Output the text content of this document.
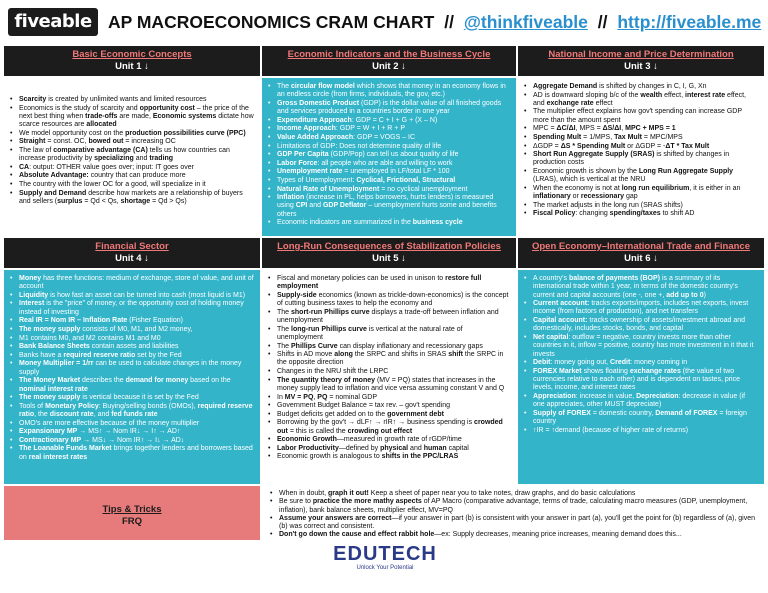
fiveable AP MACROECONOMICS CRAM CHART // @thinkfiveable // http://fiveable.me
Basic Economic Concepts
Unit 1 ↓
Economic Indicators and the Business Cycle
Unit 2 ↓
National Income and Price Determination
Unit 3 ↓
• Scarcity is created by unlimited wants and limited resources
• Economics is the study of scarcity and opportunity cost – the price of the next best thing when trade-offs are made, Economic systems dictate how scarce resources are allocated
• We model opportunity cost on the production possibilities curve (PPC)
• Straight = const. OC, bowed out = increasing OC
• The law of comparative advantage (CA) tells us how countries can increase productivity by specializing and trading
• CA: output: OTHER value goes over; input: IT goes over
• Absolute Advantage: country that can produce more
• The country with the lower OC for a good, will specialize in it
• Supply and Demand describe how markets are a relationship of buyers and sellers (surplus = Qd < Qs, shortage = Qd > Qs)
• The circular flow model which shows that money in an economy flows in an endless circle (from firms, individuals, the gov, etc.)
• Gross Domestic Product (GDP) is the dollar value of all finished goods and services produced in a countries border in one year
• Expenditure Approach: GDP = C + I + G + (X – N)
• Income Approach: GDP = W + I + R + P
• Value Added Approach: GDP = VOGS – IC
• Limitations of GDP: Does not determine quality of life
• GDP Per Capita (GDP/Pop) can tell us about quality of life
• Labor Force: all people who are able and willing to work
• Unemployment rate = unemployed in LF/total LF * 100
• Types of Unemployment: Cyclical, Frictional, Structural
• Natural Rate of Unemployment = no cyclical unemployment
• Inflation (increase in PL, helps borrowers, hurts lenders) is measured using CPI and GDP Deflator – unemployment hurts some and benefits others
• Economic indicators are summarized in the business cycle
• Aggregate Demand is shifted by changes in C, I, G, Xn
• AD is downward sloping b/c of the wealth effect, interest rate effect, and exchange rate effect
• The multiplier effect explains how gov't spending can increase GDP more than the amount spent
• MPC = ΔC/ΔI, MPS = ΔS/ΔI, MPC + MPS = 1
• Spending Mult = 1/MPS, Tax Mult = MPC/MPS
• ΔGDP = ΔS * Spending Mult or ΔGDP = -ΔT * Tax Mult
• Short Run Aggregate Supply (SRAS) is shifted by changes in production costs
• Economic growth is shown by the Long Run Aggregate Supply (LRAS), which is vertical at the NRU
• When the economy is not at long run equilibrium, it is either in an inflationary or recessionary gap
• The market adjusts in the long run (SRAS shifts)
• Fiscal Policy: changing spending/taxes to shift AD
Financial Sector
Unit 4 ↓
Long-Run Consequences of Stabilization Policies
Unit 5 ↓
Open Economy–International Trade and Finance
Unit 6 ↓
• Money has three functions: medium of exchange, store of value, and unit of account
• Liquidity is how fast an asset can be turned into cash (most liquid is M1)
• Interest is the "price" of money, or the opportunity cost of holding money instead of investing
• Real IR = Nom IR – Inflation Rate (Fisher Equation)
• The money supply consists of M0, M1, and M2 money,
• M1 contains M0, and M2 contains M1 and M0
• Bank Balance Sheets contain assets and liabilities
• Banks have a required reserve ratio set by the Fed
• Money Multiplier = 1/rr can be used to calculate changes in the money supply
• The Money Market describes the demand for money based on the nominal interest rate
• The money supply is vertical because it is set by the Fed
• Tools of Monetary Policy: Buying/selling bonds (OMOs), required reserve ratio, the discount rate, and fed funds rate
• OMO's are more effective because of the money multiplier
• Expansionary MP → MS↑ → Nom IR↓ → I↑ → AD↑
• Contractionary MP → MS↓ → Nom IR↑ → I↓ → AD↓
• The Loanable Funds Market brings together lenders and borrowers based on real interest rates
• Fiscal and monetary policies can be used in unison to restore full employment
• Supply-side economics (known as trickle-down-economics) is the concept of cutting business taxes to help the economy and
• The short-run Phillips curve displays a trade-off between inflation and unemployment
• The long-run Phillips curve is vertical at the natural rate of unemployment
• The Phillips Curve can display inflationary and recessionary gaps
• Shifts in AD move along the SRPC and shifts in SRAS shift the SRPC in the opposite direction
• Changes in the NRU shift the LRPC
• The quantity theory of money (MV = PQ) states that increases in the money supply lead to inflation and vice versa assuming constant V and Q
• In MV = PQ, PQ = nominal GDP
• Government Budget Balance = tax rev. – gov't spending
• Budget deficits get added on to the government debt
• Borrowing by the gov't → dLF↑ → rIR↑ → business spending is crowded out = this is called the crowding out effect
• Economic Growth—measured in growth rate of rGDP/time
• Labor Productivity—defined by physical and human capital
• Economic growth is analogous to shifts in the PPC/LRAS
• A country's balance of payments (BOP) is a summary of its international trade within 1 year, in terms of the domestic country's current and capital accounts (one -, one +, add up to 0)
• Current account: tracks exports/imports, includes net exports, invest income (from factors of production), and net transfers
• Capital account: tracks ownership of assets/investment abroad and domestically, includes stocks, bonds, and capital
• Net capital: outflow = negative, country invests more than other countries in it, inflow = positive, country has more investment in it that it invests
• Debit: money going out, Credit: money coming in
• FOREX Market shows floating exchange rates (the value of two currencies relative to each other) and is dependent on tastes, price levels, income, and interest rates
• Appreciation: increase in value, Depreciation: decrease in value (if one appreciates, other MUST depreciate)
• Supply of FOREX = domestic country, Demand of FOREX = foreign country
• ↑IR = ↑demand (because of higher rate of returns)
Tips & Tricks
FRQ
• When in doubt, graph it out! Keep a sheet of paper near you to take notes, draw graphs, and do basic calculations
• Be sure to practice the more mathy aspects of AP Macro (comparative advantage, terms of trade, calculating macro measures (GDP, unemployment, inflation), bank balance sheets, multiplier effect, MV=PQ
• Assume your answers are correct—if your answer in part (b) is consistent with your answer in part (a), you'll get the point for (b) regardless of (a), given (b) was correct and consistent.
• Don't go down the cause and effect rabbit hole—ex: Supply decreases, meaning price increases, meaning demand does this...
EDUTECH
Unlock Your Potential
